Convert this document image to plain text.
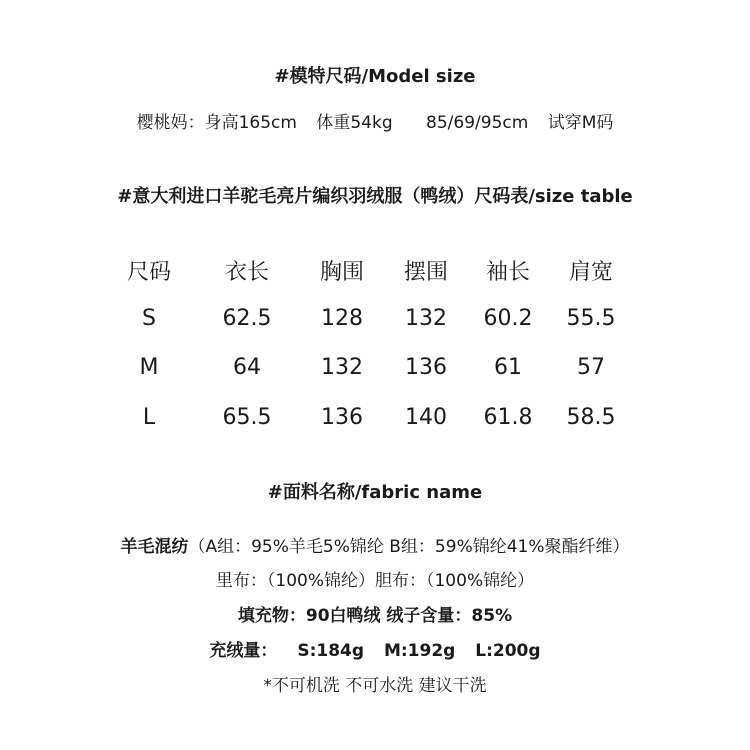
#模特尺码/Model size
樱桃妈：身高165cm 体重54kg 85/69/95cm 试穿M码
#意大利进口羊驼毛亮片编织羽绒服（鸭绒）尺码表/size table
尺码	衣长	胸围	摆围	袖长	肩宽
S	62.5	128	132	60.2	55.5
M	64	132	136	61	57
L	65.5	136	140	61.8	58.5
#面料名称/fabric name
羊毛混纺（A组：95%羊毛5%锦纶 B组：59%锦纶41%聚酯纤维）
里布：（100%锦纶）胆布：（100%锦纶）
填充物：90白鸭绒 绒子含量：85%
充绒量： S:184g M:192g L:200g
*不可机洗 不可水洗 建议干洗
